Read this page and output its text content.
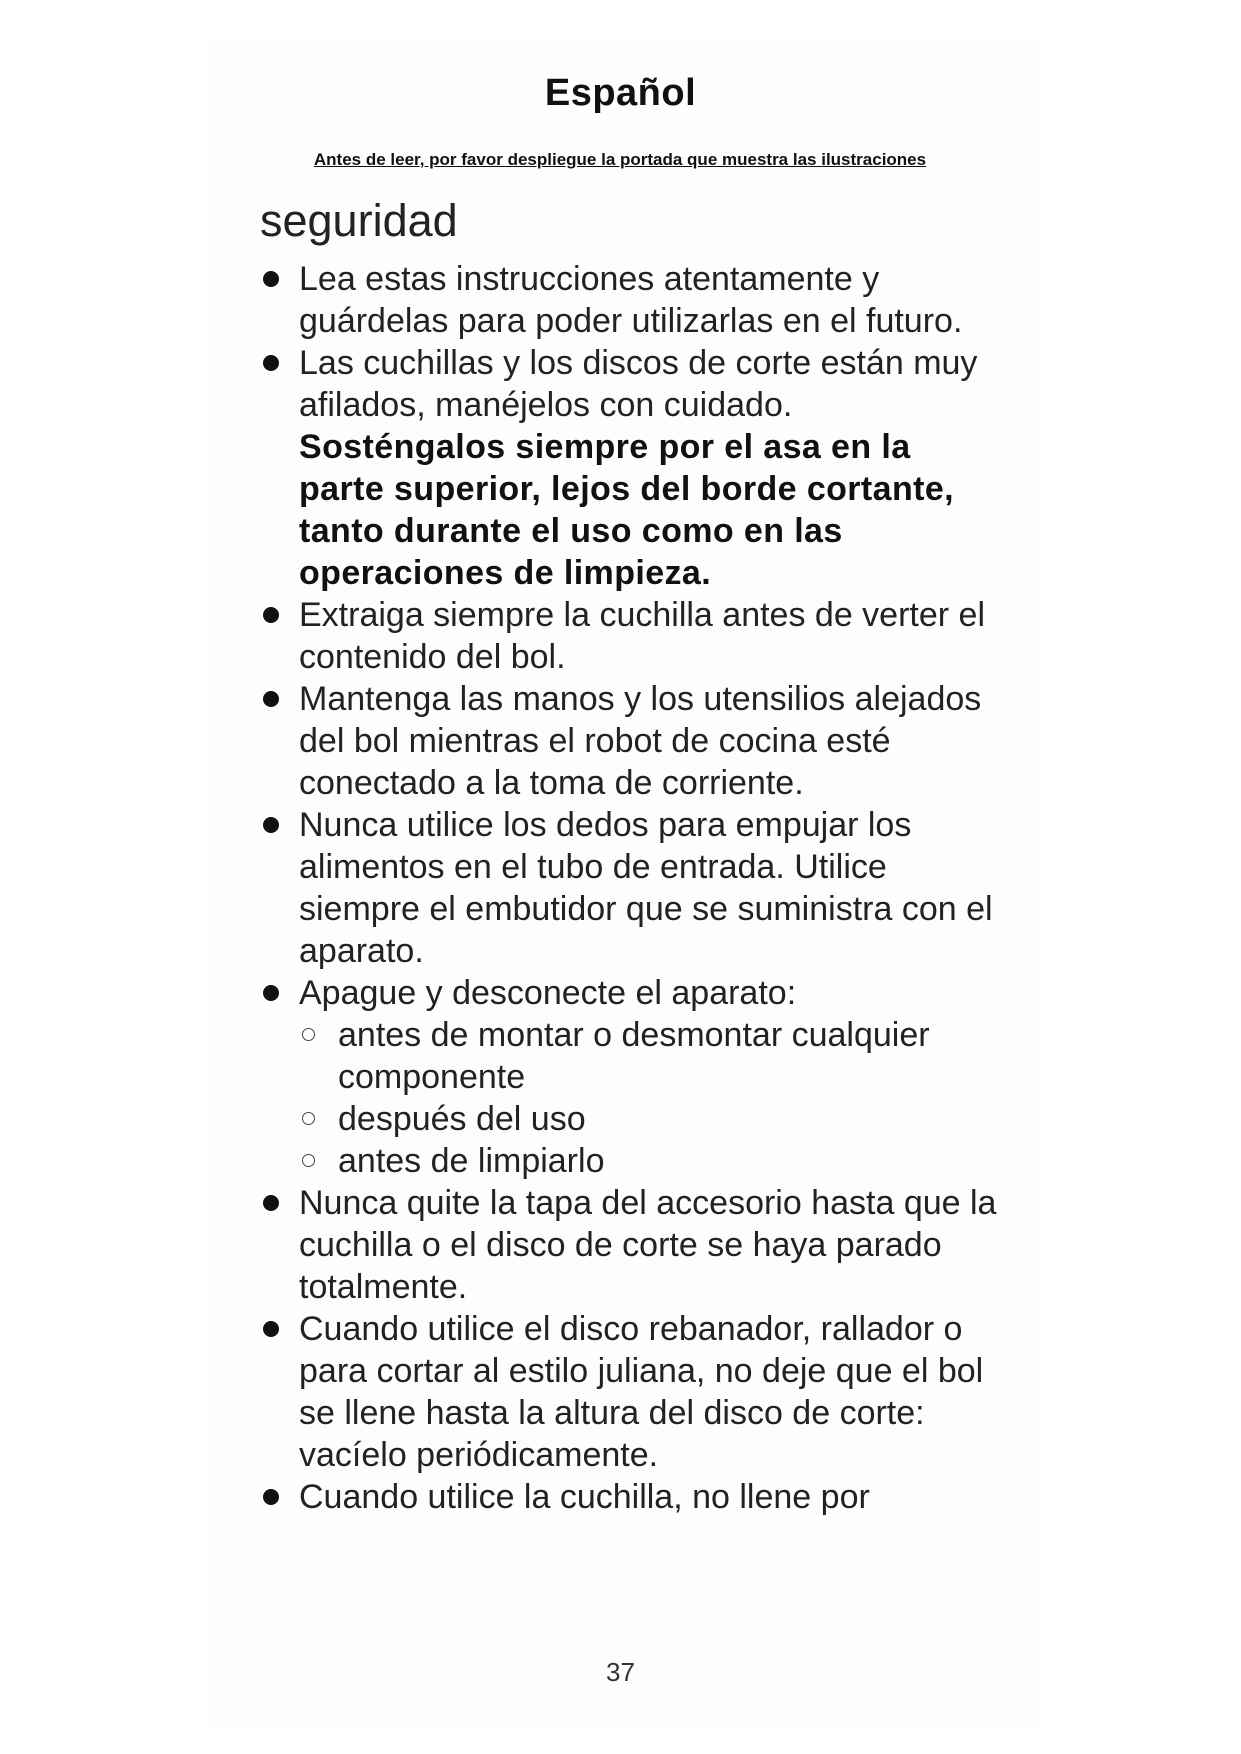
Español
Antes de leer, por favor despliegue la portada que muestra las ilustraciones
seguridad
Lea estas instrucciones atentamente y guárdelas para poder utilizarlas en el futuro.
Las cuchillas y los discos de corte están muy afilados, manéjelos con cuidado.
Sosténgalos siempre por el asa en la parte superior, lejos del borde cortante, tanto durante el uso como en las operaciones de limpieza.
Extraiga siempre la cuchilla antes de verter el contenido del bol.
Mantenga las manos y los utensilios alejados del bol mientras el robot de cocina esté conectado a la toma de corriente.
Nunca utilice los dedos para empujar los alimentos en el tubo de entrada. Utilice siempre el embutidor que se suministra con el aparato.
Apague y desconecte el aparato:
antes de montar o desmontar cualquier componente
después del uso
antes de limpiarlo
Nunca quite la tapa del accesorio hasta que la cuchilla o el disco de corte se haya parado totalmente.
Cuando utilice el disco rebanador, rallador o para cortar al estilo juliana, no deje que el bol se llene hasta la altura del disco de corte: vacíelo periódicamente.
Cuando utilice la cuchilla, no llene por
37
